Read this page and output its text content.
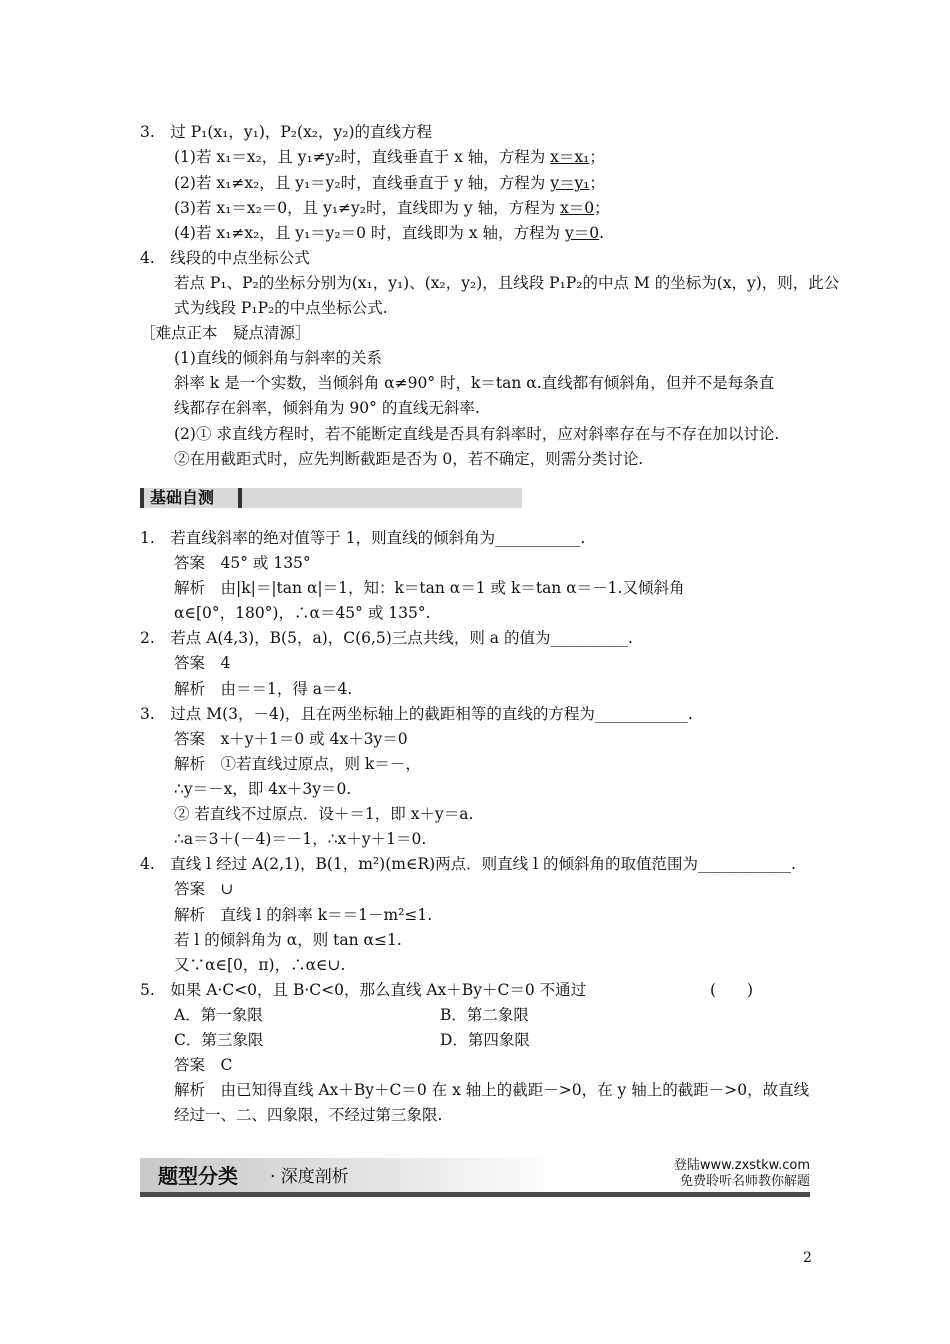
3.　过 P₁(x₁，y₁)，P₂(x₂，y₂)的直线方程
(1)若 x₁＝x₂，且 y₁≠y₂时，直线垂直于 x 轴，方程为 x＝x₁；
(2)若 x₁≠x₂，且 y₁＝y₂时，直线垂直于 y 轴，方程为 y＝y₁；
(3)若 x₁＝x₂＝0，且 y₁≠y₂时，直线即为 y 轴，方程为 x＝0；
(4)若 x₁≠x₂，且 y₁＝y₂＝0 时，直线即为 x 轴，方程为 y＝0.
4.　线段的中点坐标公式
若点 P₁、P₂的坐标分别为(x₁，y₁)、(x₂，y₂)，且线段 P₁P₂的中点 M 的坐标为(x，y)，则，此公
式为线段 P₁P₂的中点坐标公式.
［难点正本　疑点清源］
(1)直线的倾斜角与斜率的关系
斜率 k 是一个实数，当倾斜角 α≠90° 时，k＝tan α.直线都有倾斜角，但并不是每条直
线都存在斜率，倾斜角为 90° 的直线无斜率.
(2)① 求直线方程时，若不能断定直线是否具有斜率时，应对斜率存在与不存在加以讨论.
②在用截距式时，应先判断截距是否为 0，若不确定，则需分类讨论.
基础自测
1.　若直线斜率的绝对值等于 1，则直线的倾斜角为___________.
答案　45° 或 135°
解析　由|k|＝|tan α|＝1，知：k＝tan α＝1 或 k＝tan α＝－1.又倾斜角
α∈[0°，180°)，∴α＝45° 或 135°.
2.　若点 A(4,3)，B(5，a)，C(6,5)三点共线，则 a 的值为__________.
答案　4
解析　由＝＝1，得 a＝4.
3.　过点 M(3，－4)，且在两坐标轴上的截距相等的直线的方程为____________.
答案　x＋y＋1＝0 或 4x＋3y＝0
解析　①若直线过原点，则 k＝－，
∴y＝－x，即 4x＋3y＝0.
② 若直线不过原点．设＋＝1，即 x＋y＝a.
∴a＝3＋(－4)＝－1，∴x＋y＋1＝0.
4.　直线 l 经过 A(2,1)，B(1，m²)(m∈R)两点．则直线 l 的倾斜角的取值范围为____________.
答案　∪
解析　直线 l 的斜率 k＝＝1－m²≤1.
若 l 的倾斜角为 α，则 tan α≤1.
又∵α∈[0，π)，∴α∈∪.
5.　如果 A·C<0，且 B·C<0，那么直线 Ax＋By＋C＝0 不通过	(　　)
A．第一象限	B．第二象限
C．第三象限	D．第四象限
答案　C
解析　由已知得直线 Ax＋By＋C＝0 在 x 轴上的截距－>0，在 y 轴上的截距－>0，故直线
经过一、二、四象限，不经过第三象限.
题型分类 · 深度剖析
登陆www.zxstkw.com
免费聆听名师教你解题
2
